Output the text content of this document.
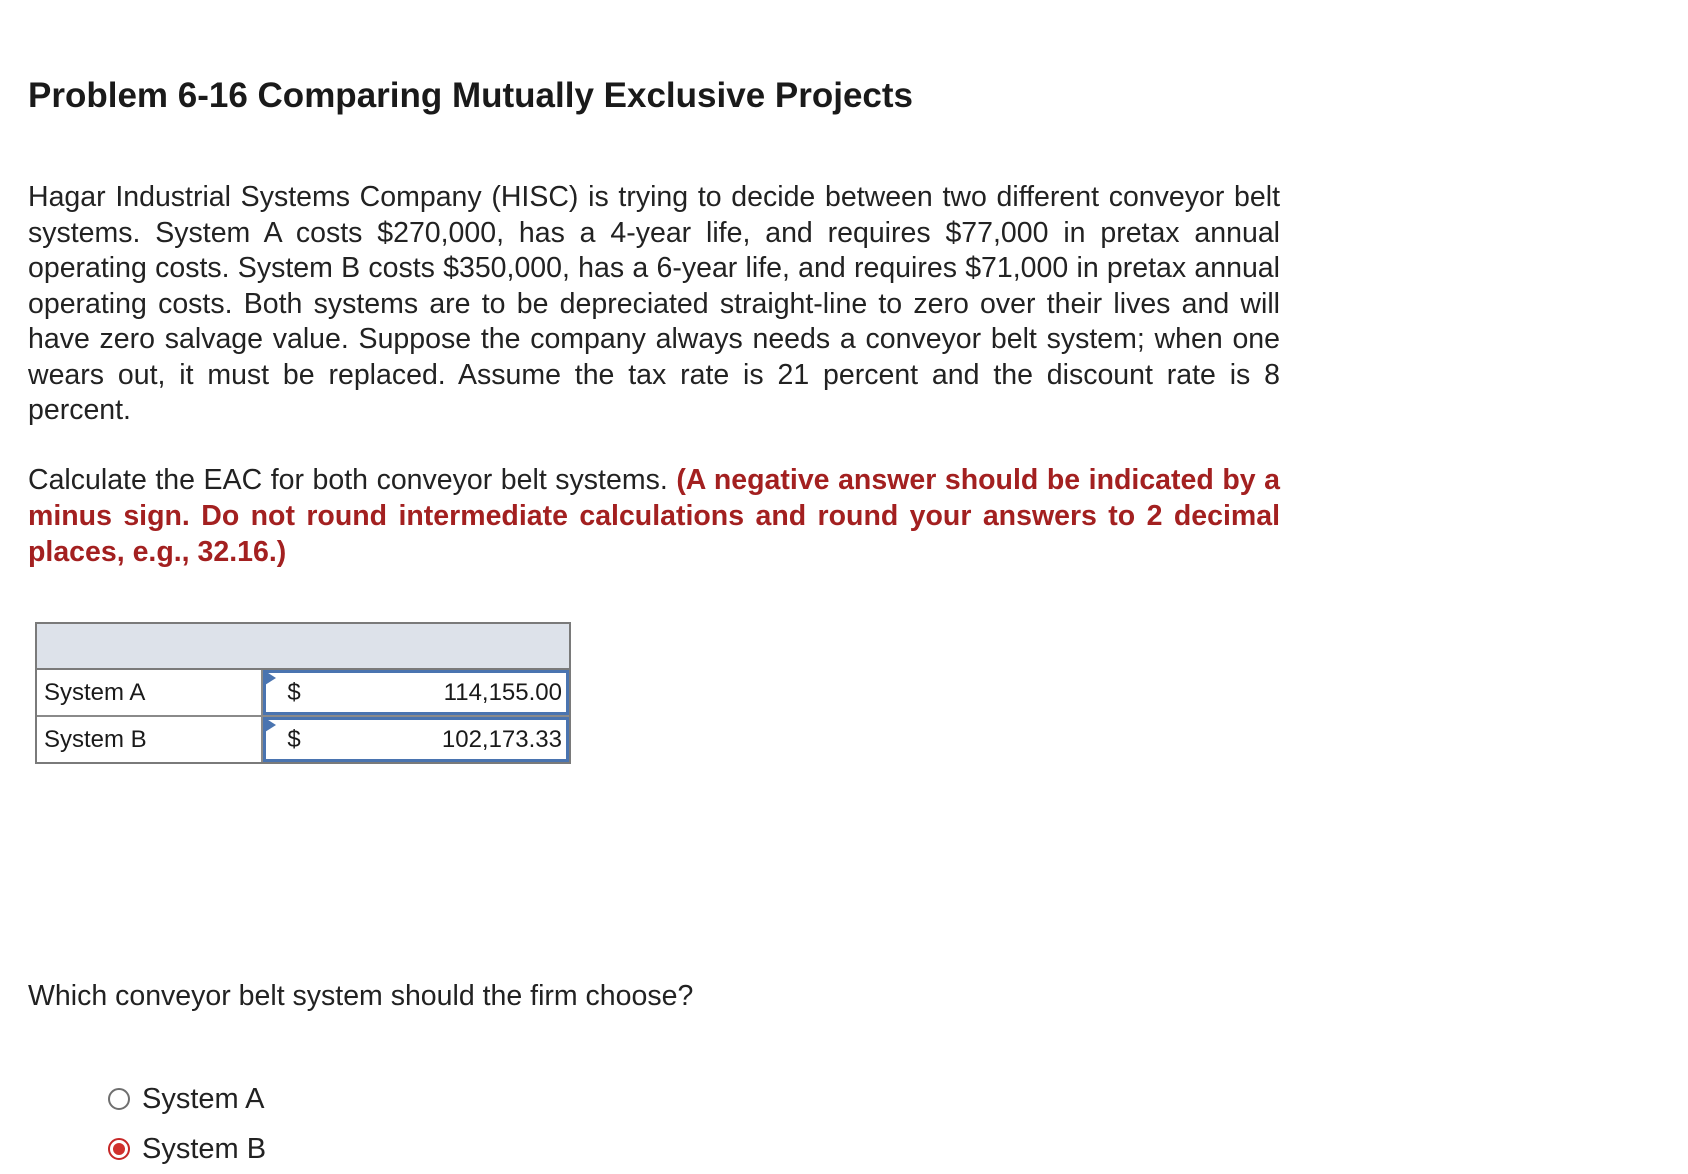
Problem 6-16 Comparing Mutually Exclusive Projects

Hagar Industrial Systems Company (HISC) is trying to decide between two different conveyor belt systems. System A costs $270,000, has a 4-year life, and requires $77,000 in pretax annual operating costs. System B costs $350,000, has a 6-year life, and requires $71,000 in pretax annual operating costs. Both systems are to be depreciated straight-line to zero over their lives and will have zero salvage value. Suppose the company always needs a conveyor belt system; when one wears out, it must be replaced. Assume the tax rate is 21 percent and the discount rate is 8 percent.

Calculate the EAC for both conveyor belt systems. (A negative answer should be indicated by a minus sign. Do not round intermediate calculations and round your answers to 2 decimal places, e.g., 32.16.)

System A	$	114,155.00
System B	$	102,173.33

Which conveyor belt system should the firm choose?

System A
System B
